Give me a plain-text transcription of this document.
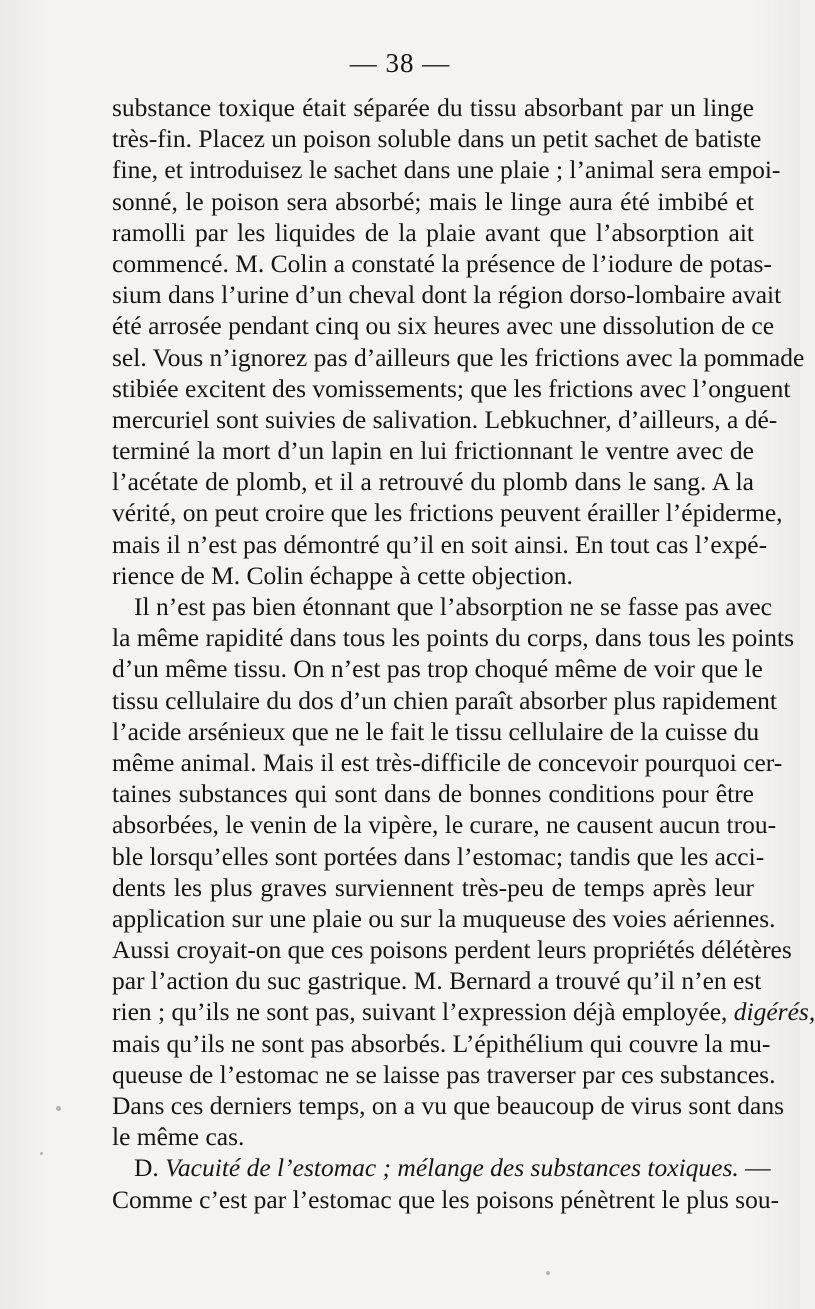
— 38 —
substance toxique était séparée du tissu absorbant par un linge
très-fin. Placez un poison soluble dans un petit sachet de batiste
fine, et introduisez le sachet dans une plaie ; l’animal sera empoi-
sonné, le poison sera absorbé; mais le linge aura été imbibé et
ramolli par les liquides de la plaie avant que l’absorption ait
commencé. M. Colin a constaté la présence de l’iodure de potas-
sium dans l’urine d’un cheval dont la région dorso-lombaire avait
été arrosée pendant cinq ou six heures avec une dissolution de ce
sel. Vous n’ignorez pas d’ailleurs que les frictions avec la pommade
stibiée excitent des vomissements; que les frictions avec l’onguent
mercuriel sont suivies de salivation. Lebkuchner, d’ailleurs, a dé-
terminé la mort d’un lapin en lui frictionnant le ventre avec de
l’acétate de plomb, et il a retrouvé du plomb dans le sang. A la
vérité, on peut croire que les frictions peuvent érailler l’épiderme,
mais il n’est pas démontré qu’il en soit ainsi. En tout cas l’expé-
rience de M. Colin échappe à cette objection.
Il n’est pas bien étonnant que l’absorption ne se fasse pas avec
la même rapidité dans tous les points du corps, dans tous les points
d’un même tissu. On n’est pas trop choqué même de voir que le
tissu cellulaire du dos d’un chien paraît absorber plus rapidement
l’acide arsénieux que ne le fait le tissu cellulaire de la cuisse du
même animal. Mais il est très-difficile de concevoir pourquoi cer-
taines substances qui sont dans de bonnes conditions pour être
absorbées, le venin de la vipère, le curare, ne causent aucun trou-
ble lorsqu’elles sont portées dans l’estomac; tandis que les acci-
dents les plus graves surviennent très-peu de temps après leur
application sur une plaie ou sur la muqueuse des voies aériennes.
Aussi croyait-on que ces poisons perdent leurs propriétés délétères
par l’action du suc gastrique. M. Bernard a trouvé qu’il n’en est
rien ; qu’ils ne sont pas, suivant l’expression déjà employée, digérés,
mais qu’ils ne sont pas absorbés. L’épithélium qui couvre la mu-
queuse de l’estomac ne se laisse pas traverser par ces substances.
Dans ces derniers temps, on a vu que beaucoup de virus sont dans
le même cas.
D. Vacuité de l’estomac ; mélange des substances toxiques. —
Comme c’est par l’estomac que les poisons pénètrent le plus sou-
